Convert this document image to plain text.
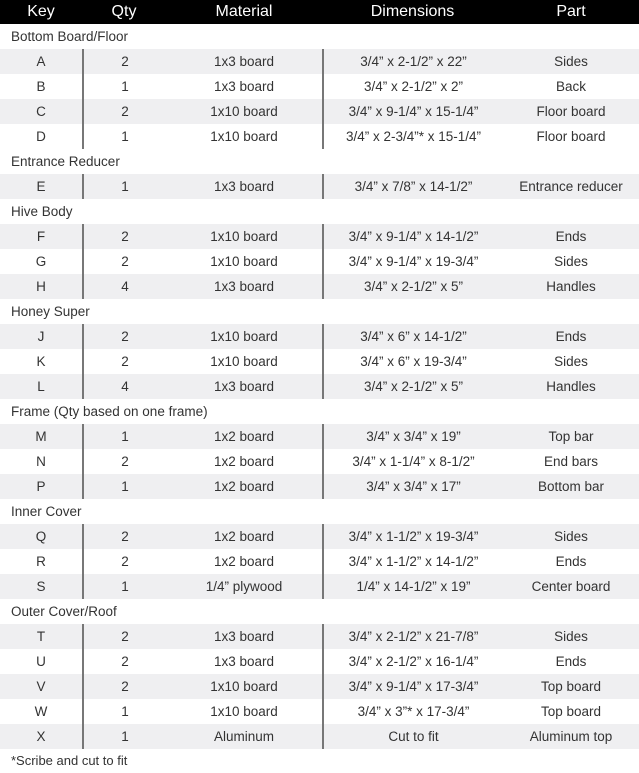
Key	Qty	Material	Dimensions	Part
Bottom Board/Floor
A	2	1x3 board	3/4” x 2-1/2” x 22”	Sides
B	1	1x3 board	3/4” x 2-1/2” x 2”	Back
C	2	1x10 board	3/4” x 9-1/4” x 15-1/4”	Floor board
D	1	1x10 board	3/4” x 2-3/4”* x 15-1/4”	Floor board
Entrance Reducer
E	1	1x3 board	3/4” x 7/8” x 14-1/2”	Entrance reducer
Hive Body
F	2	1x10 board	3/4” x 9-1/4” x 14-1/2”	Ends
G	2	1x10 board	3/4” x 9-1/4” x 19-3/4”	Sides
H	4	1x3 board	3/4” x 2-1/2” x 5”	Handles
Honey Super
J	2	1x10 board	3/4” x 6” x 14-1/2”	Ends
K	2	1x10 board	3/4” x 6” x 19-3/4”	Sides
L	4	1x3 board	3/4” x 2-1/2” x 5”	Handles
Frame (Qty based on one frame)
M	1	1x2 board	3/4” x 3/4” x 19”	Top bar
N	2	1x2 board	3/4” x 1-1/4” x 8-1/2”	End bars
P	1	1x2 board	3/4” x 3/4” x 17”	Bottom bar
Inner Cover
Q	2	1x2 board	3/4” x 1-1/2” x 19-3/4”	Sides
R	2	1x2 board	3/4” x 1-1/2” x 14-1/2”	Ends
S	1	1/4” plywood	1/4” x 14-1/2” x 19”	Center board
Outer Cover/Roof
T	2	1x3 board	3/4” x 2-1/2” x 21-7/8”	Sides
U	2	1x3 board	3/4” x 2-1/2” x 16-1/4”	Ends
V	2	1x10 board	3/4” x 9-1/4” x 17-3/4”	Top board
W	1	1x10 board	3/4” x 3”* x 17-3/4”	Top board
X	1	Aluminum	Cut to fit	Aluminum top
*Scribe and cut to fit
